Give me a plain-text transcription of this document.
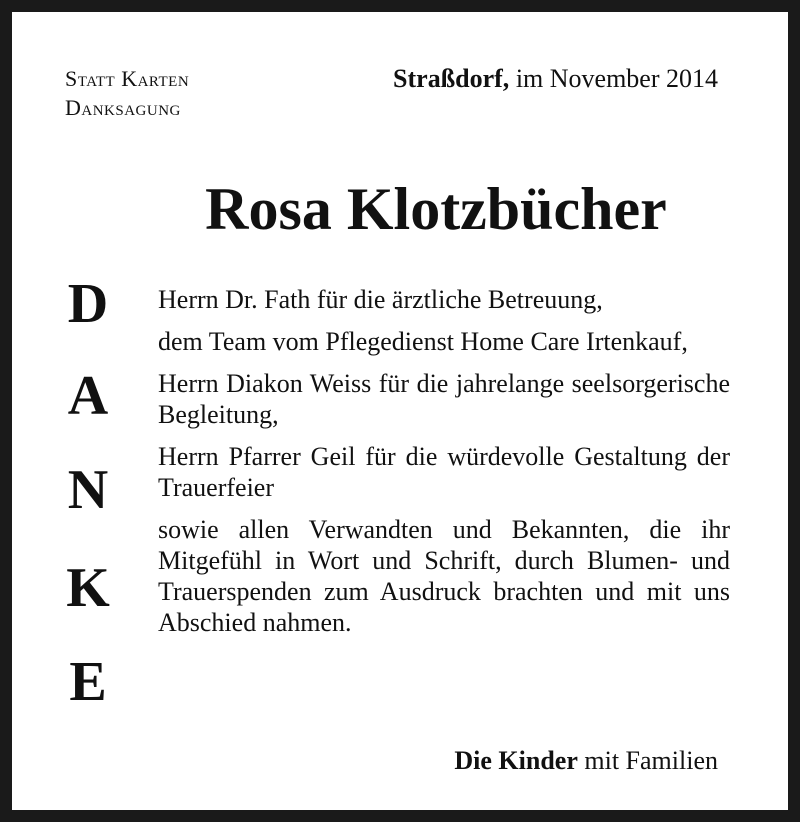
Statt Karten
Danksagung
Straßdorf, im November 2014
Rosa Klotzbücher
D
A
N
K
E

Herrn Dr. Fath für die ärztliche Betreuung,

dem Team vom Pflegedienst Home Care Irtenkauf,

Herrn Diakon Weiss für die jahrelange seelsorgerische Begleitung,

Herrn Pfarrer Geil für die würdevolle Gestaltung der Trauerfeier

sowie allen Verwandten und Bekannten, die ihr Mitgefühl in Wort und Schrift, durch Blumen- und Trauerspenden zum Ausdruck brachten und mit uns Abschied nahmen.

Die Kinder mit Familien
